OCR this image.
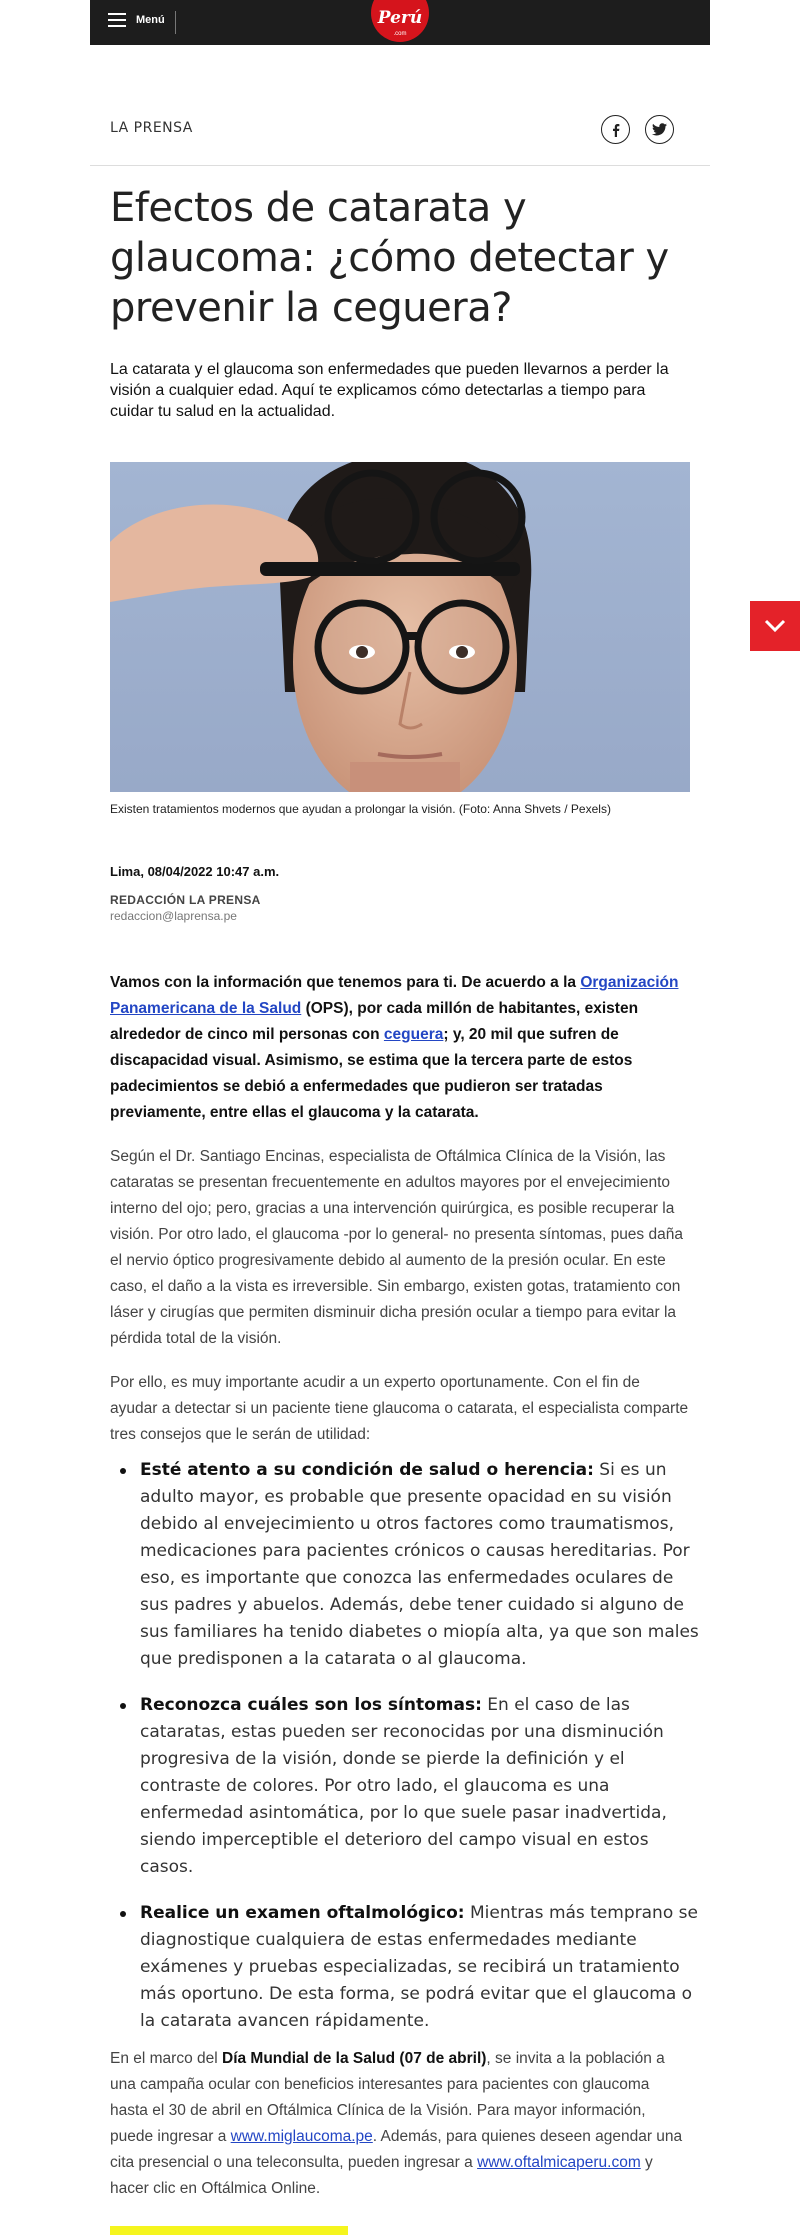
Menú	Perú
.com
LA PRENSA
Efectos de catarata y glaucoma: ¿cómo detectar y prevenir la ceguera?

La catarata y el glaucoma son enfermedades que pueden llevarnos a perder la visión a cualquier edad. Aquí te explicamos cómo detectarlas a tiempo para cuidar tu salud en la actualidad.

Existen tratamientos modernos que ayudan a prolongar la visión. (Foto: Anna Shvets / Pexels)
Lima, 08/04/2022 10:47 a.m.
REDACCIÓN LA PRENSA
redaccion@laprensa.pe

Vamos con la información que tenemos para ti. De acuerdo a la Organización Panamericana de la Salud (OPS), por cada millón de habitantes, existen alrededor de cinco mil personas con ceguera; y, 20 mil que sufren de discapacidad visual. Asimismo, se estima que la tercera parte de estos padecimientos se debió a enfermedades que pudieron ser tratadas previamente, entre ellas el glaucoma y la catarata.

Según el Dr. Santiago Encinas, especialista de Oftálmica Clínica de la Visión, las cataratas se presentan frecuentemente en adultos mayores por el envejecimiento interno del ojo; pero, gracias a una intervención quirúrgica, es posible recuperar la visión. Por otro lado, el glaucoma -por lo general- no presenta síntomas, pues daña el nervio óptico progresivamente debido al aumento de la presión ocular. En este caso, el daño a la vista es irreversible. Sin embargo, existen gotas, tratamiento con láser y cirugías que permiten disminuir dicha presión ocular a tiempo para evitar la pérdida total de la visión.

Por ello, es muy importante acudir a un experto oportunamente. Con el fin de ayudar a detectar si un paciente tiene glaucoma o catarata, el especialista comparte tres consejos que le serán de utilidad:

Esté atento a su condición de salud o herencia: Si es un adulto mayor, es probable que presente opacidad en su visión debido al envejecimiento u otros factores como traumatismos, medicaciones para pacientes crónicos o causas hereditarias. Por eso, es importante que conozca las enfermedades oculares de sus padres y abuelos. Además, debe tener cuidado si alguno de sus familiares ha tenido diabetes o miopía alta, ya que son males que predisponen a la catarata o al glaucoma.
Reconozca cuáles son los síntomas: En el caso de las cataratas, estas pueden ser reconocidas por una disminución progresiva de la visión, donde se pierde la definición y el contraste de colores. Por otro lado, el glaucoma es una enfermedad asintomática, por lo que suele pasar inadvertida, siendo imperceptible el deterioro del campo visual en estos casos.
Realice un examen oftalmológico: Mientras más temprano se diagnostique cualquiera de estas enfermedades mediante exámenes y pruebas especializadas, se recibirá un tratamiento más oportuno. De esta forma, se podrá evitar que el glaucoma o la catarata avancen rápidamente.

En el marco del Día Mundial de la Salud (07 de abril), se invita a la población a una campaña ocular con beneficios interesantes para pacientes con glaucoma hasta el 30 de abril en Oftálmica Clínica de la Visión. Para mayor información, puede ingresar a www.miglaucoma.pe. Además, para quienes deseen agendar una cita presencial o una teleconsulta, pueden ingresar a www.oftalmicaperu.com y hacer clic en Oftálmica Online.
